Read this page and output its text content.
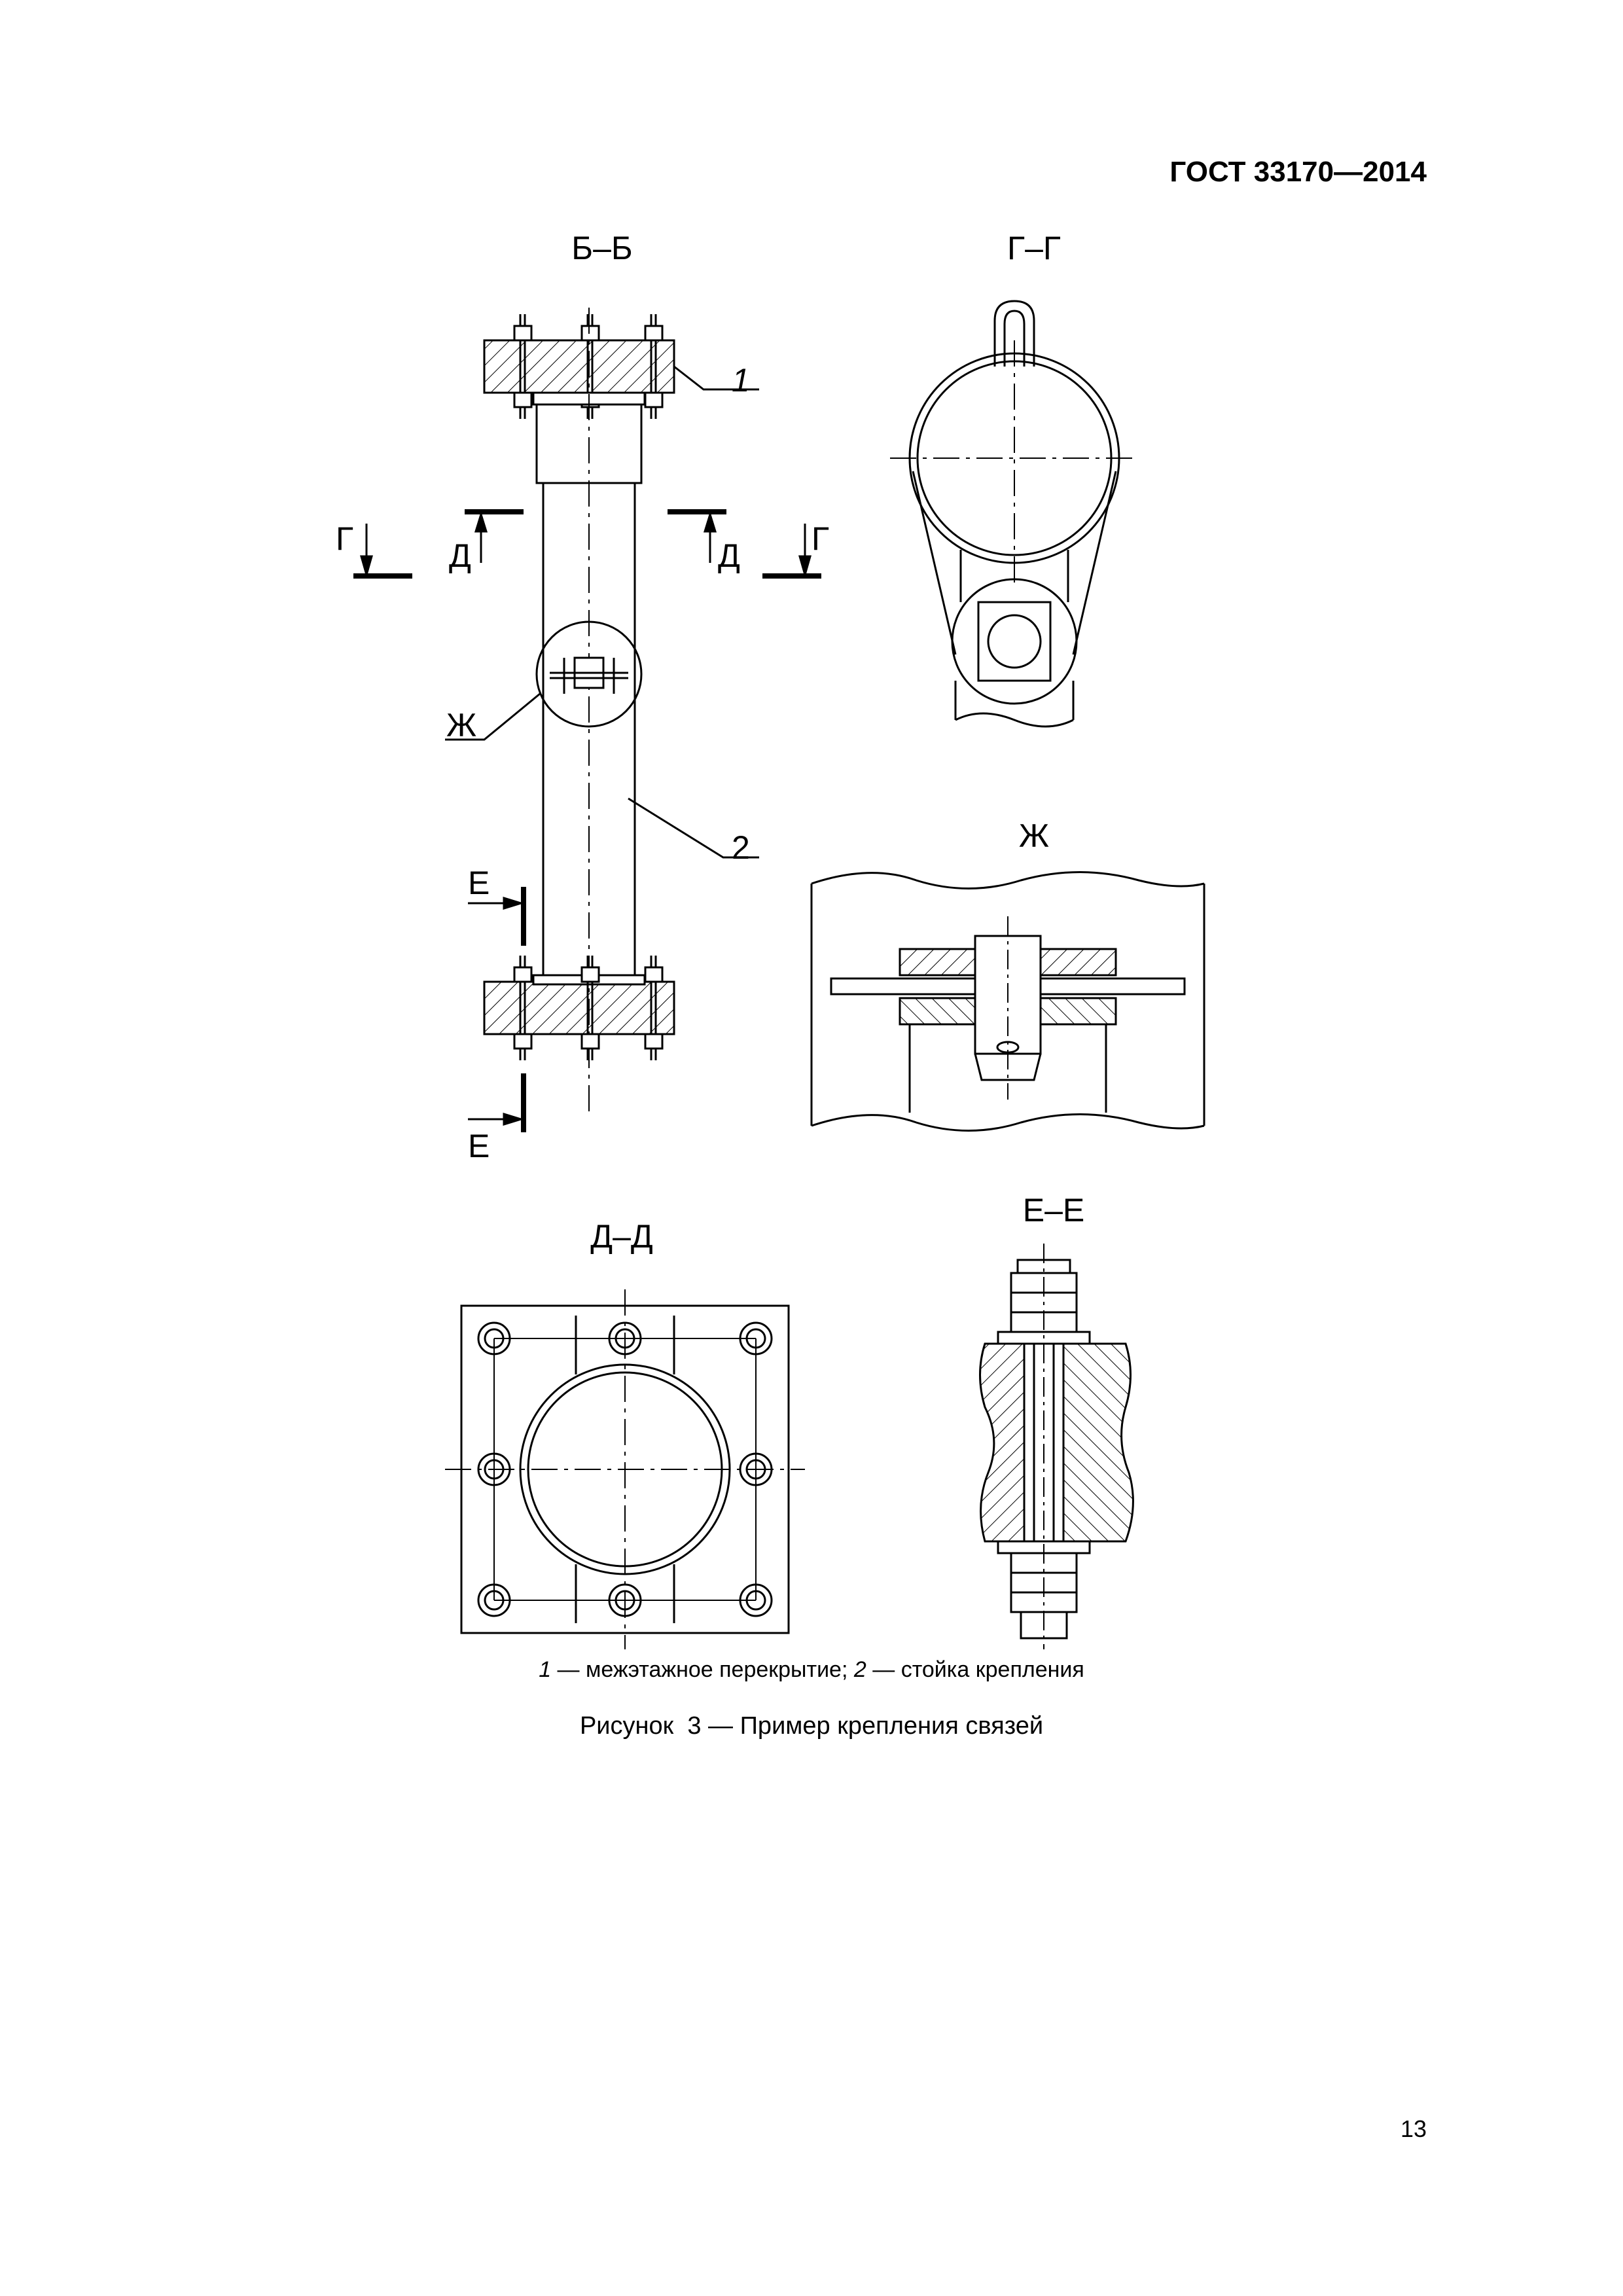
ГОСТ 33170—2014
Б–Б	Г–Г
Ж
Д–Д
Е–Е
1
2
Ж
Г	Д	Д Г
Е
Е
1 — межэтажное перекрытие; 2 — стойка крепления
Рисунок  3 — Пример крепления связей
13
